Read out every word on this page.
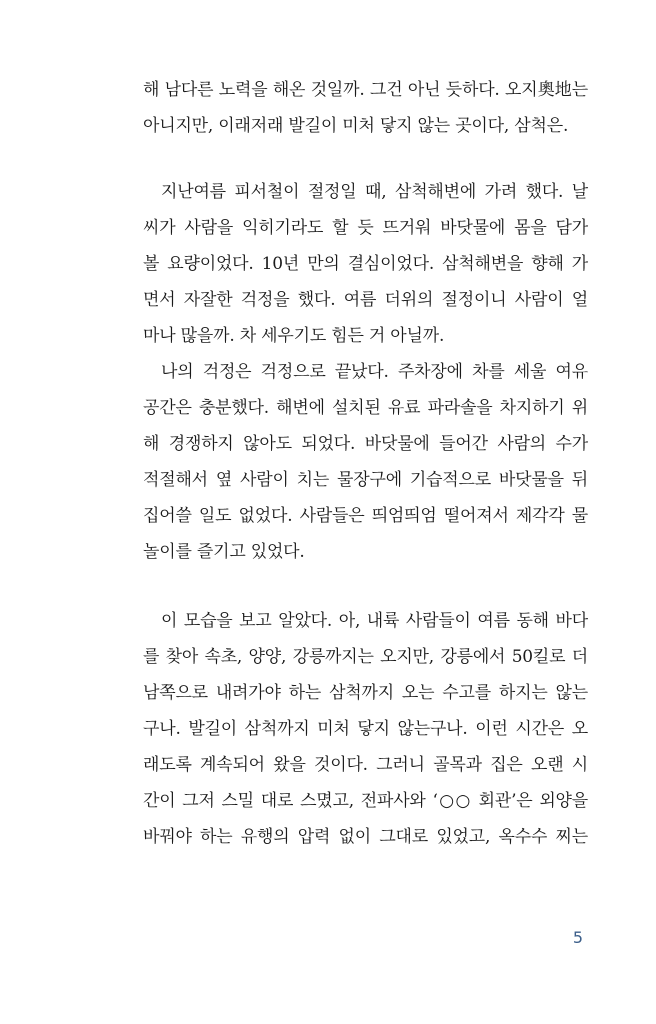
해 남다른 노력을 해온 것일까. 그건 아닌 듯하다. 오지奧地는
아니지만, 이래저래 발길이 미처 닿지 않는 곳이다, 삼척은.
지난여름 피서철이 절정일 때, 삼척해변에 가려 했다. 날
씨가 사람을 익히기라도 할 듯 뜨거워 바닷물에 몸을 담가
볼 요량이었다. 10년 만의 결심이었다. 삼척해변을 향해 가
면서 자잘한 걱정을 했다. 여름 더위의 절정이니 사람이 얼
마나 많을까. 차 세우기도 힘든 거 아닐까.
나의 걱정은 걱정으로 끝났다. 주차장에 차를 세울 여유
공간은 충분했다. 해변에 설치된 유료 파라솔을 차지하기 위
해 경쟁하지 않아도 되었다. 바닷물에 들어간 사람의 수가
적절해서 옆 사람이 치는 물장구에 기습적으로 바닷물을 뒤
집어쓸 일도 없었다. 사람들은 띄엄띄엄 떨어져서 제각각 물
놀이를 즐기고 있었다.
이 모습을 보고 알았다. 아, 내륙 사람들이 여름 동해 바다
를 찾아 속초, 양양, 강릉까지는 오지만, 강릉에서 50킬로 더
남쪽으로 내려가야 하는 삼척까지 오는 수고를 하지는 않는
구나. 발길이 삼척까지 미처 닿지 않는구나. 이런 시간은 오
래도록 계속되어 왔을 것이다. 그러니 골목과 집은 오랜 시
간이 그저 스밀 대로 스몄고, 전파사와 ‘○○ 회관’은 외양을
바꿔야 하는 유행의 압력 없이 그대로 있었고, 옥수수 찌는
5
